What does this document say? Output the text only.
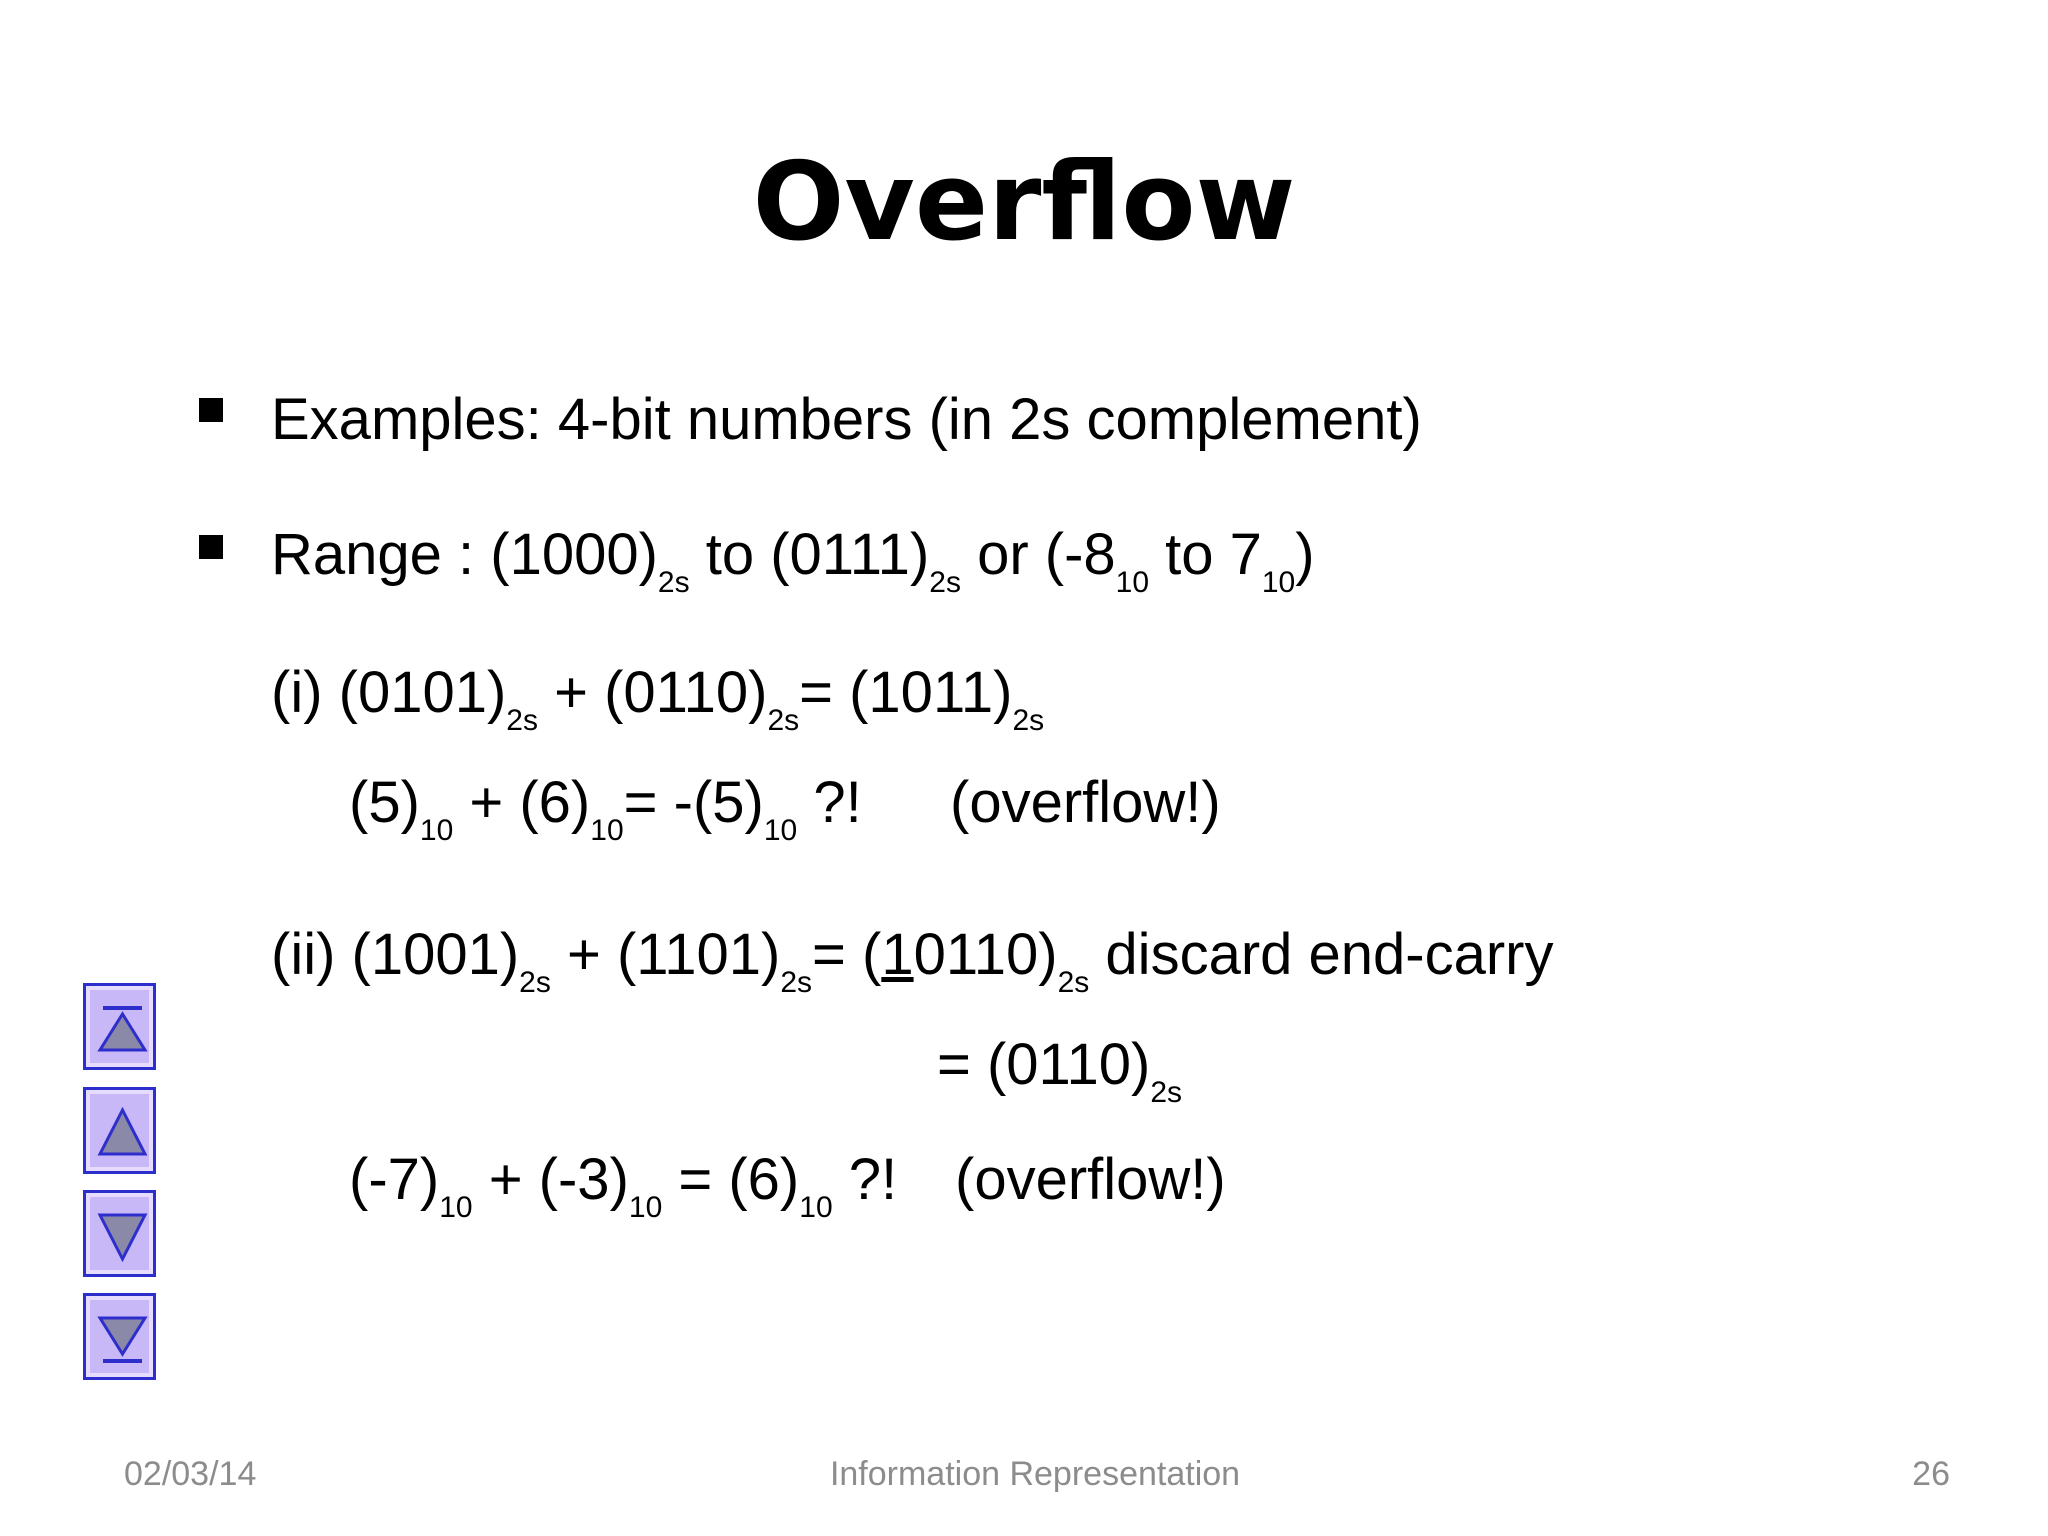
Overflow
Examples: 4-bit numbers (in 2s complement)
Range : $(1000)_{2s}$ to $(0111)_{2s}$ or ($-8_{10}$ to $7_{10}$)
(i) $(0101)_{2s} + (0110)_{2s}= (1011)_{2s}$
$(5)_{10} + (6)_{10}= -(5)_{10}$ ?! (overflow!)
(ii) $(1001)_{2s} + (1101)_{2s}= (10110)_{2s}$ discard end-carry
= $(0110)_{2s}$
$(-7)_{10} + (-3)_{10} = (6)_{10}$ ?! (overflow!)
02/03/14	Information Representation	26
